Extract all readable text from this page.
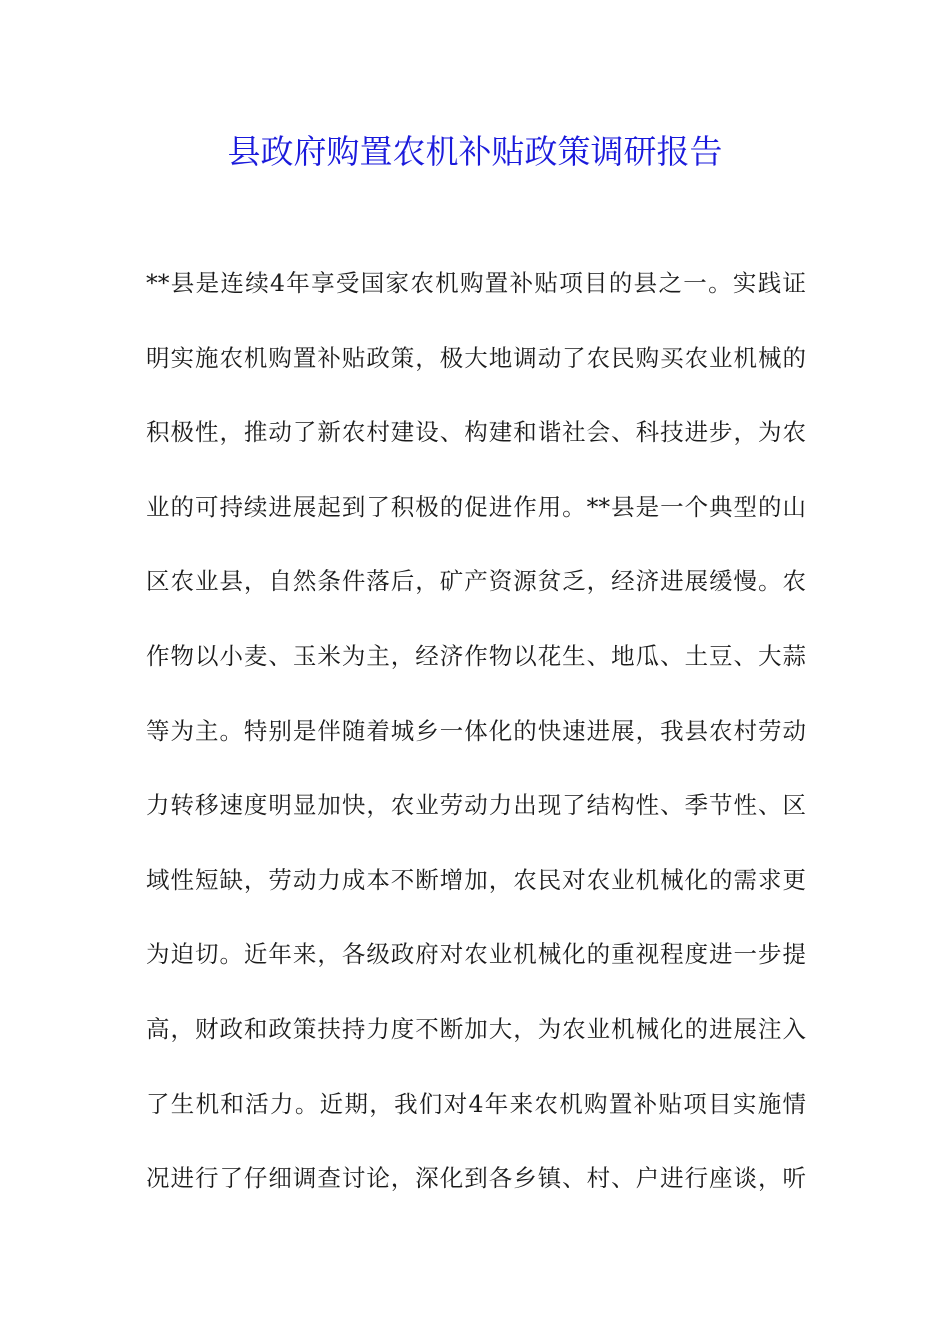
县政府购置农机补贴政策调研报告
**县是连续4年享受国家农机购置补贴项目的县之一。实践证
明实施农机购置补贴政策，极大地调动了农民购买农业机械的
积极性，推动了新农村建设、构建和谐社会、科技进步，为农
业的可持续进展起到了积极的促进作用。**县是一个典型的山
区农业县，自然条件落后，矿产资源贫乏，经济进展缓慢。农
作物以小麦、玉米为主，经济作物以花生、地瓜、土豆、大蒜
等为主。特别是伴随着城乡一体化的快速进展，我县农村劳动
力转移速度明显加快，农业劳动力出现了结构性、季节性、区
域性短缺，劳动力成本不断增加，农民对农业机械化的需求更
为迫切。近年来，各级政府对农业机械化的重视程度进一步提
高，财政和政策扶持力度不断加大，为农业机械化的进展注入
了生机和活力。近期，我们对4年来农机购置补贴项目实施情
况进行了仔细调查讨论，深化到各乡镇、村、户进行座谈，听
